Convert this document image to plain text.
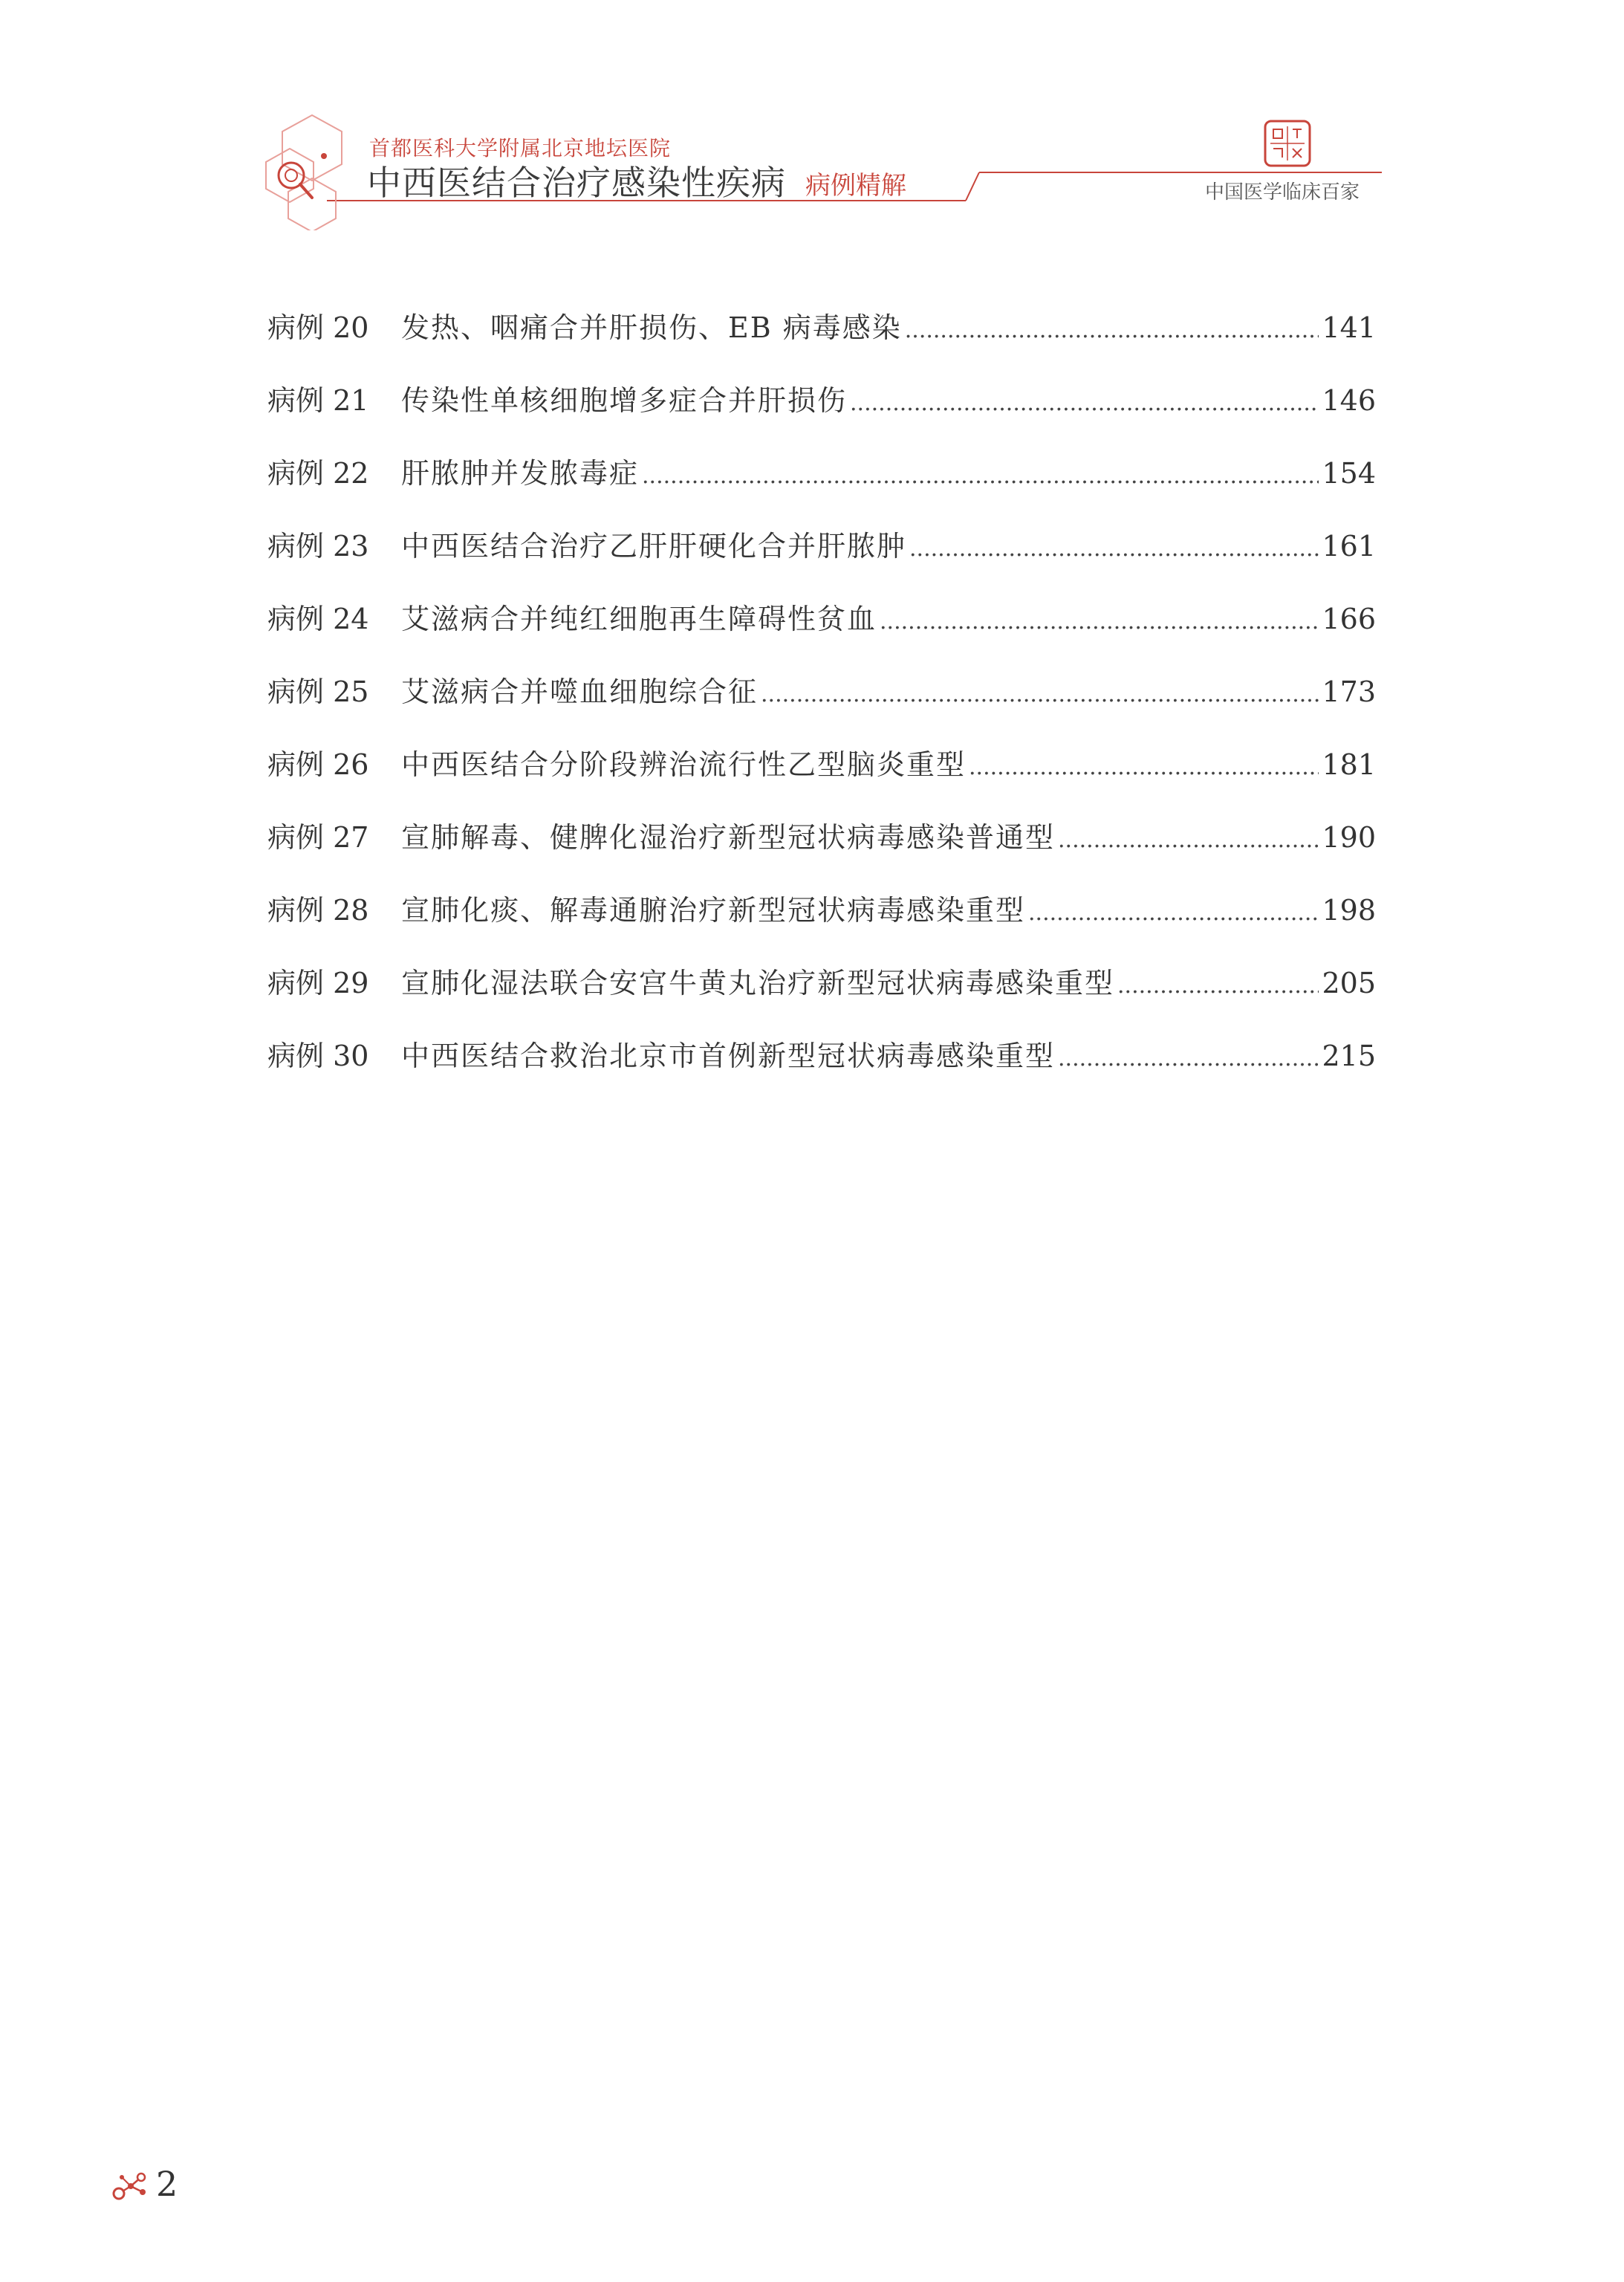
首都医科大学附属北京地坛医院
中西医结合治疗感染性疾病 病例精解	中国医学临床百家
病例 20	发热、咽痛合并肝损伤、EB 病毒感染 .....	141
病例 21	传染性单核细胞增多症合并肝损伤 .....	146
病例 22	肝脓肿并发脓毒症 .....	154
病例 23	中西医结合治疗乙肝肝硬化合并肝脓肿 .....	161
病例 24	艾滋病合并纯红细胞再生障碍性贫血 .....	166
病例 25	艾滋病合并噬血细胞综合征 .....	173
病例 26	中西医结合分阶段辨治流行性乙型脑炎重型 .....	181
病例 27	宣肺解毒、健脾化湿治疗新型冠状病毒感染普通型 .....	190
病例 28	宣肺化痰、解毒通腑治疗新型冠状病毒感染重型 .....	198
病例 29	宣肺化湿法联合安宫牛黄丸治疗新型冠状病毒感染重型 .....	205
病例 30	中西医结合救治北京市首例新型冠状病毒感染重型 .....	215
2
